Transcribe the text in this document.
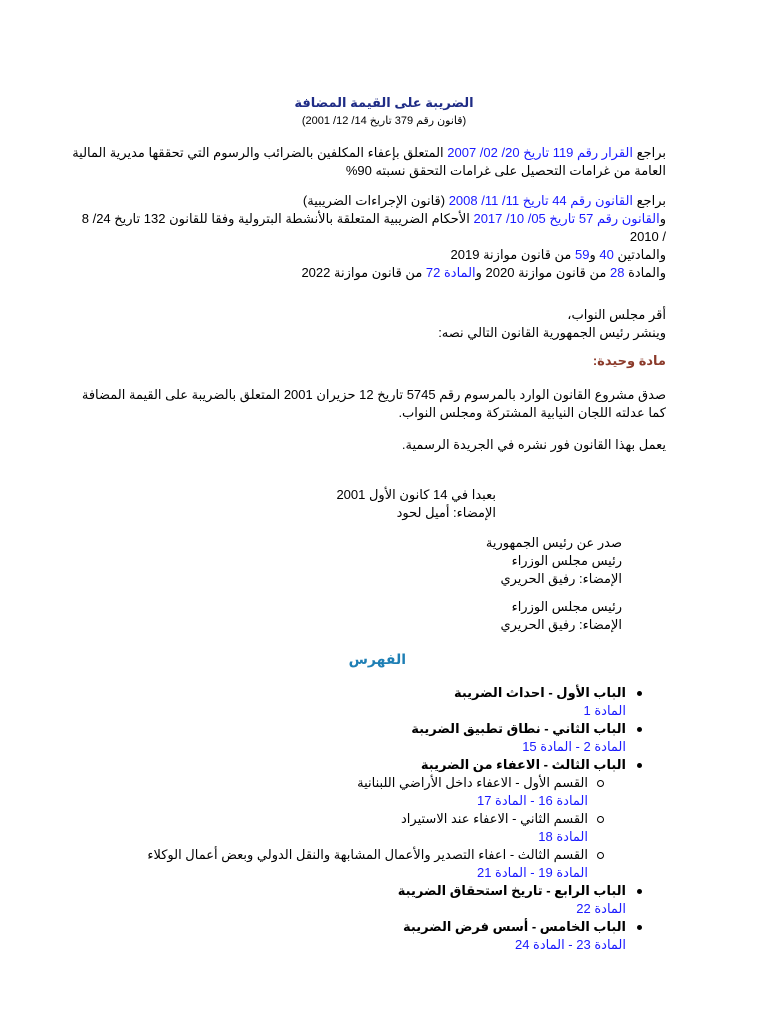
الضريبة على القيمة المضافة
(قانون رقم 379 تاريخ 14/ 12/ 2001)
براجع القرار رقم 119 تاريخ 20/ 02/ 2007 المتعلق بإعفاء المكلفين بالضرائب والرسوم التي تحققها مديرية المالية
العامة من غرامات التحصيل على غرامات التحقق نسبته 90%
براجع القانون رقم 44 تاريخ 11/ 11/ 2008 (قانون الإجراءات الضريبية)
والقانون رقم 57 تاريخ 05/ 10/ 2017 الأحكام الضريبية المتعلقة بالأنشطة البترولية وفقا للقانون 132 تاريخ 24/ 8
/ 2010
والمادتين 40 و59 من قانون موازنة 2019
والمادة 28 من قانون موازنة 2020 والمادة 72 من قانون موازنة 2022
أقر مجلس النواب،
وينشر رئيس الجمهورية القانون التالي نصه:
مادة وحيدة:
صدق مشروع القانون الوارد بالمرسوم رقم 5745 تاريخ 12 حزيران 2001 المتعلق بالضريبة على القيمة المضافة
كما عدلته اللجان النيابية المشتركة ومجلس النواب.
يعمل بهذا القانون فور نشره في الجريدة الرسمية.
بعبدا في 14 كانون الأول 2001
الإمضاء: أميل لحود
صدر عن رئيس الجمهورية
رئيس مجلس الوزراء
الإمضاء: رفيق الحريري
رئيس مجلس الوزراء
الإمضاء: رفيق الحريري
الفهرس
الباب الأول - احداث الضريبة
المادة 1
الباب الثاني - نطاق تطبيق الضريبة
المادة 2 - المادة 15
الباب الثالث - الاعفاء من الضريبة
القسم الأول - الاعفاء داخل الأراضي اللبنانية
المادة 16 - المادة 17
القسم الثاني - الاعفاء عند الاستيراد
المادة 18
القسم الثالث - اعفاء التصدير والأعمال المشابهة والنقل الدولي وبعض أعمال الوكلاء
المادة 19 - المادة 21
الباب الرابع - تاريخ استحقاق الضريبة
المادة 22
الباب الخامس - أسس فرض الضريبة
المادة 23 - المادة 24
